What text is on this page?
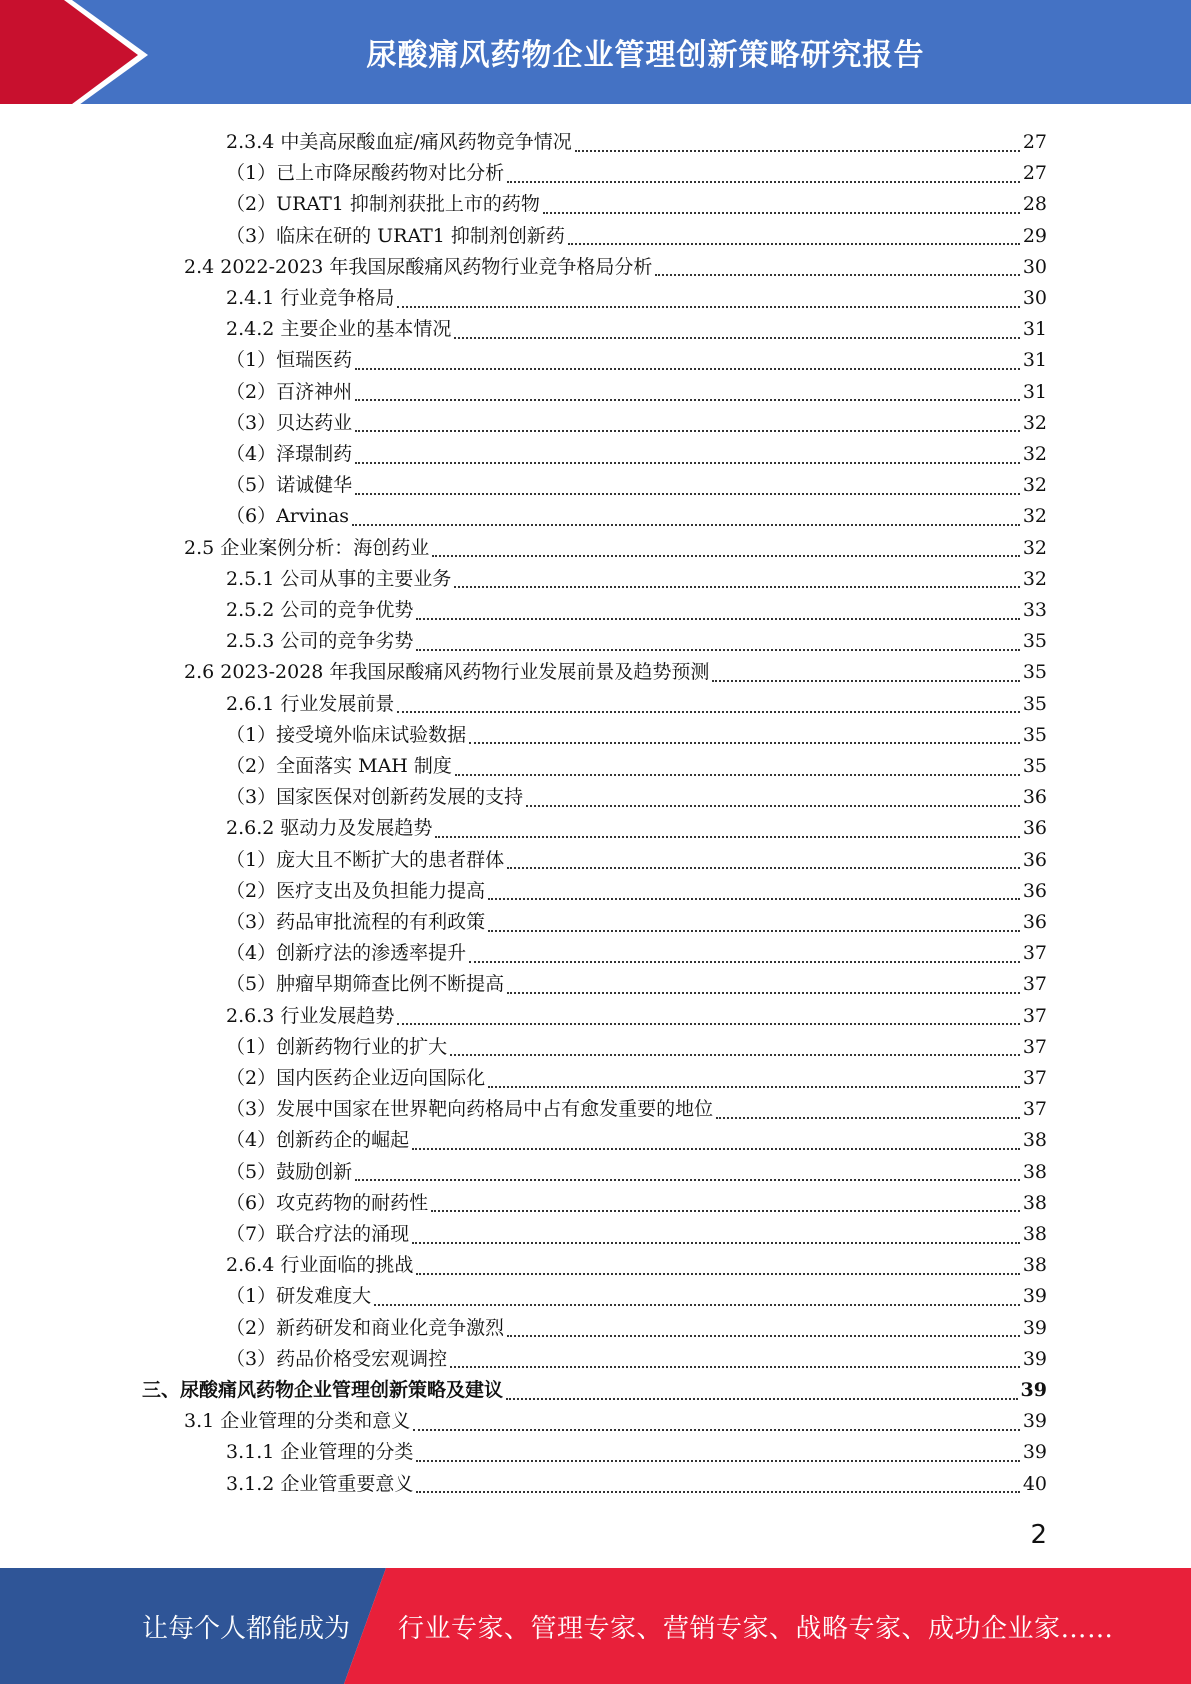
尿酸痛风药物企业管理创新策略研究报告
2.3.4 中美高尿酸血症/痛风药物竞争情况	27
（1）已上市降尿酸药物对比分析	27
（2）URAT1 抑制剂获批上市的药物	28
（3）临床在研的 URAT1 抑制剂创新药	29
2.4 2022-2023 年我国尿酸痛风药物行业竞争格局分析	30
2.4.1 行业竞争格局	30
2.4.2 主要企业的基本情况	31
（1）恒瑞医药	31
（2）百济神州	31
（3）贝达药业	32
（4）泽璟制药	32
（5）诺诚健华	32
（6）Arvinas	32
2.5 企业案例分析：海创药业	32
2.5.1 公司从事的主要业务	32
2.5.2 公司的竞争优势	33
2.5.3 公司的竞争劣势	35
2.6 2023-2028 年我国尿酸痛风药物行业发展前景及趋势预测	35
2.6.1 行业发展前景	35
（1）接受境外临床试验数据	35
（2）全面落实 MAH 制度	35
（3）国家医保对创新药发展的支持	36
2.6.2 驱动力及发展趋势	36
（1）庞大且不断扩大的患者群体	36
（2）医疗支出及负担能力提高	36
（3）药品审批流程的有利政策	36
（4）创新疗法的渗透率提升	37
（5）肿瘤早期筛查比例不断提高	37
2.6.3 行业发展趋势	37
（1）创新药物行业的扩大	37
（2）国内医药企业迈向国际化	37
（3）发展中国家在世界靶向药格局中占有愈发重要的地位	37
（4）创新药企的崛起	38
（5）鼓励创新	38
（6）攻克药物的耐药性	38
（7）联合疗法的涌现	38
2.6.4 行业面临的挑战	38
（1）研发难度大	39
（2）新药研发和商业化竞争激烈	39
（3）药品价格受宏观调控	39
三、尿酸痛风药物企业管理创新策略及建议	39
3.1 企业管理的分类和意义	39
3.1.1 企业管理的分类	39
3.1.2 企业管重要意义	40
2
让每个人都能成为 行业专家、管理专家、营销专家、战略专家、成功企业家……
